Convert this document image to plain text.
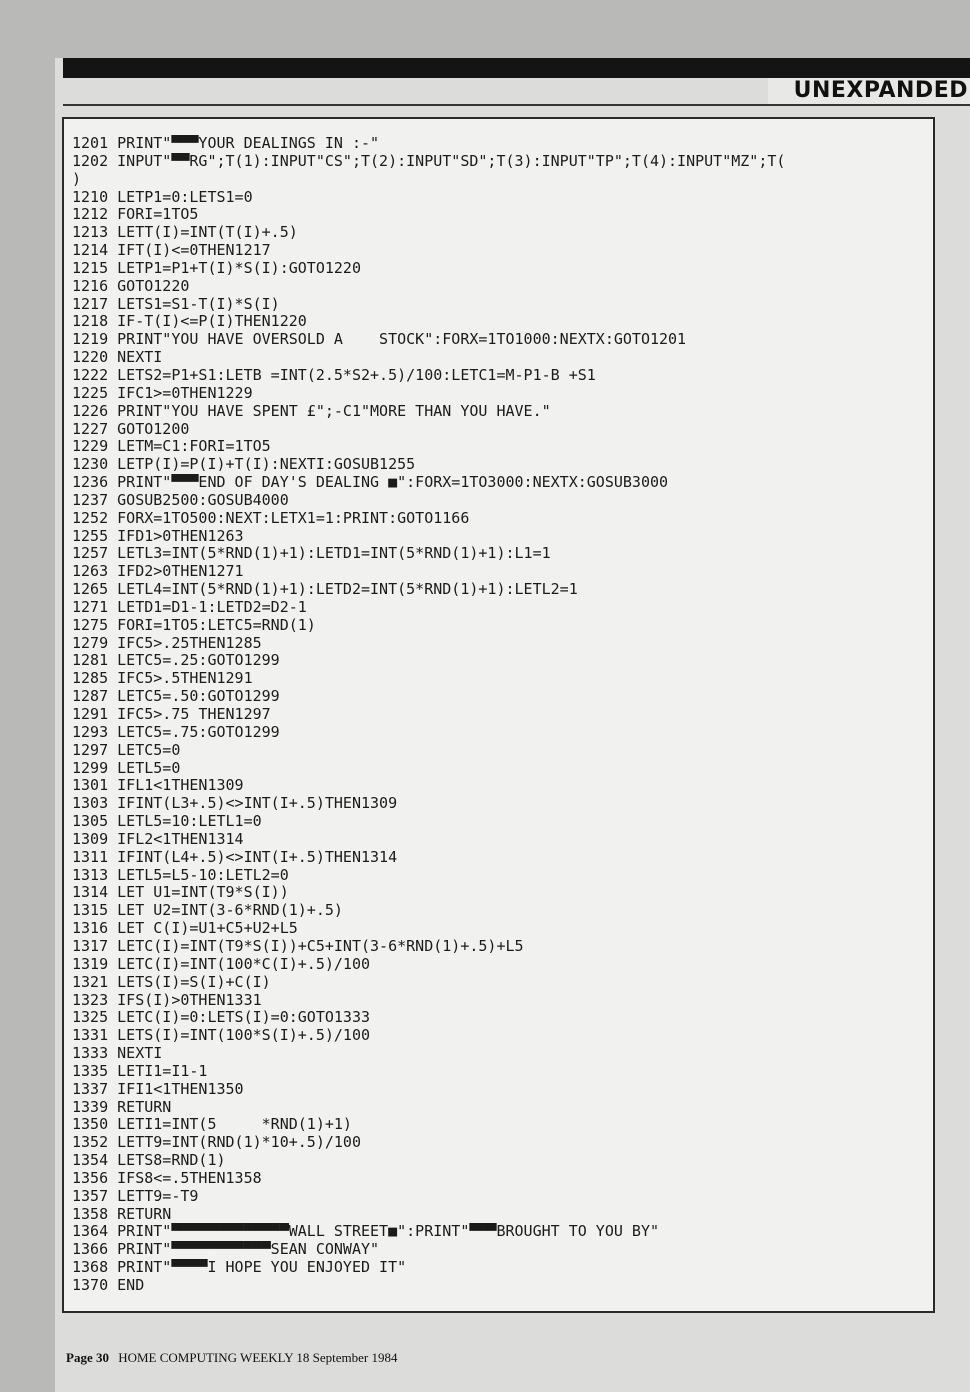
UNEXPANDED
1201 PRINT"▀▀▀YOUR DEALINGS IN :-"
1202 INPUT"▀▀RG";T(1):INPUT"CS";T(2):INPUT"SD";T(3):INPUT"TP";T(4):INPUT"MZ";T(
)
1210 LETP1=0:LETS1=0
1212 FORI=1TO5
1213 LETT(I)=INT(T(I)+.5)
1214 IFT(I)<=0THEN1217
1215 LETP1=P1+T(I)*S(I):GOTO1220
1216 GOTO1220
1217 LETS1=S1-T(I)*S(I)
1218 IF-T(I)<=P(I)THEN1220
1219 PRINT"YOU HAVE OVERSOLD A    STOCK":FORX=1TO1000:NEXTX:GOTO1201
1220 NEXTI
1222 LETS2=P1+S1:LETB =INT(2.5*S2+.5)/100:LETC1=M-P1-B +S1
1225 IFC1>=0THEN1229
1226 PRINT"YOU HAVE SPENT £";-C1"MORE THAN YOU HAVE."
1227 GOTO1200
1229 LETM=C1:FORI=1TO5
1230 LETP(I)=P(I)+T(I):NEXTI:GOSUB1255
1236 PRINT"▀▀▀END OF DAY'S DEALING ■":FORX=1TO3000:NEXTX:GOSUB3000
1237 GOSUB2500:GOSUB4000
1252 FORX=1TO500:NEXT:LETX1=1:PRINT:GOTO1166
1255 IFD1>0THEN1263
1257 LETL3=INT(5*RND(1)+1):LETD1=INT(5*RND(1)+1):L1=1
1263 IFD2>0THEN1271
1265 LETL4=INT(5*RND(1)+1):LETD2=INT(5*RND(1)+1):LETL2=1
1271 LETD1=D1-1:LETD2=D2-1
1275 FORI=1TO5:LETC5=RND(1)
1279 IFC5>.25THEN1285
1281 LETC5=.25:GOTO1299
1285 IFC5>.5THEN1291
1287 LETC5=.50:GOTO1299
1291 IFC5>.75 THEN1297
1293 LETC5=.75:GOTO1299
1297 LETC5=0
1299 LETL5=0
1301 IFL1<1THEN1309
1303 IFINT(L3+.5)<>INT(I+.5)THEN1309
1305 LETL5=10:LETL1=0
1309 IFL2<1THEN1314
1311 IFINT(L4+.5)<>INT(I+.5)THEN1314
1313 LETL5=L5-10:LETL2=0
1314 LET U1=INT(T9*S(I))
1315 LET U2=INT(3-6*RND(1)+.5)
1316 LET C(I)=U1+C5+U2+L5
1317 LETC(I)=INT(T9*S(I))+C5+INT(3-6*RND(1)+.5)+L5
1319 LETC(I)=INT(100*C(I)+.5)/100
1321 LETS(I)=S(I)+C(I)
1323 IFS(I)>0THEN1331
1325 LETC(I)=0:LETS(I)=0:GOTO1333
1331 LETS(I)=INT(100*S(I)+.5)/100
1333 NEXTI
1335 LETI1=I1-1
1337 IFI1<1THEN1350
1339 RETURN
1350 LETI1=INT(5     *RND(1)+1)
1352 LETT9=INT(RND(1)*10+.5)/100
1354 LETS8=RND(1)
1356 IFS8<=.5THEN1358
1357 LETT9=-T9
1358 RETURN
1364 PRINT"▀▀▀▀▀▀▀▀▀▀▀▀▀WALL STREET■":PRINT"▀▀▀BROUGHT TO YOU BY"
1366 PRINT"▀▀▀▀▀▀▀▀▀▀▀SEAN CONWAY"
1368 PRINT"▀▀▀▀I HOPE YOU ENJOYED IT"
1370 END
Page 30 HOME COMPUTING WEEKLY 18 September 1984
